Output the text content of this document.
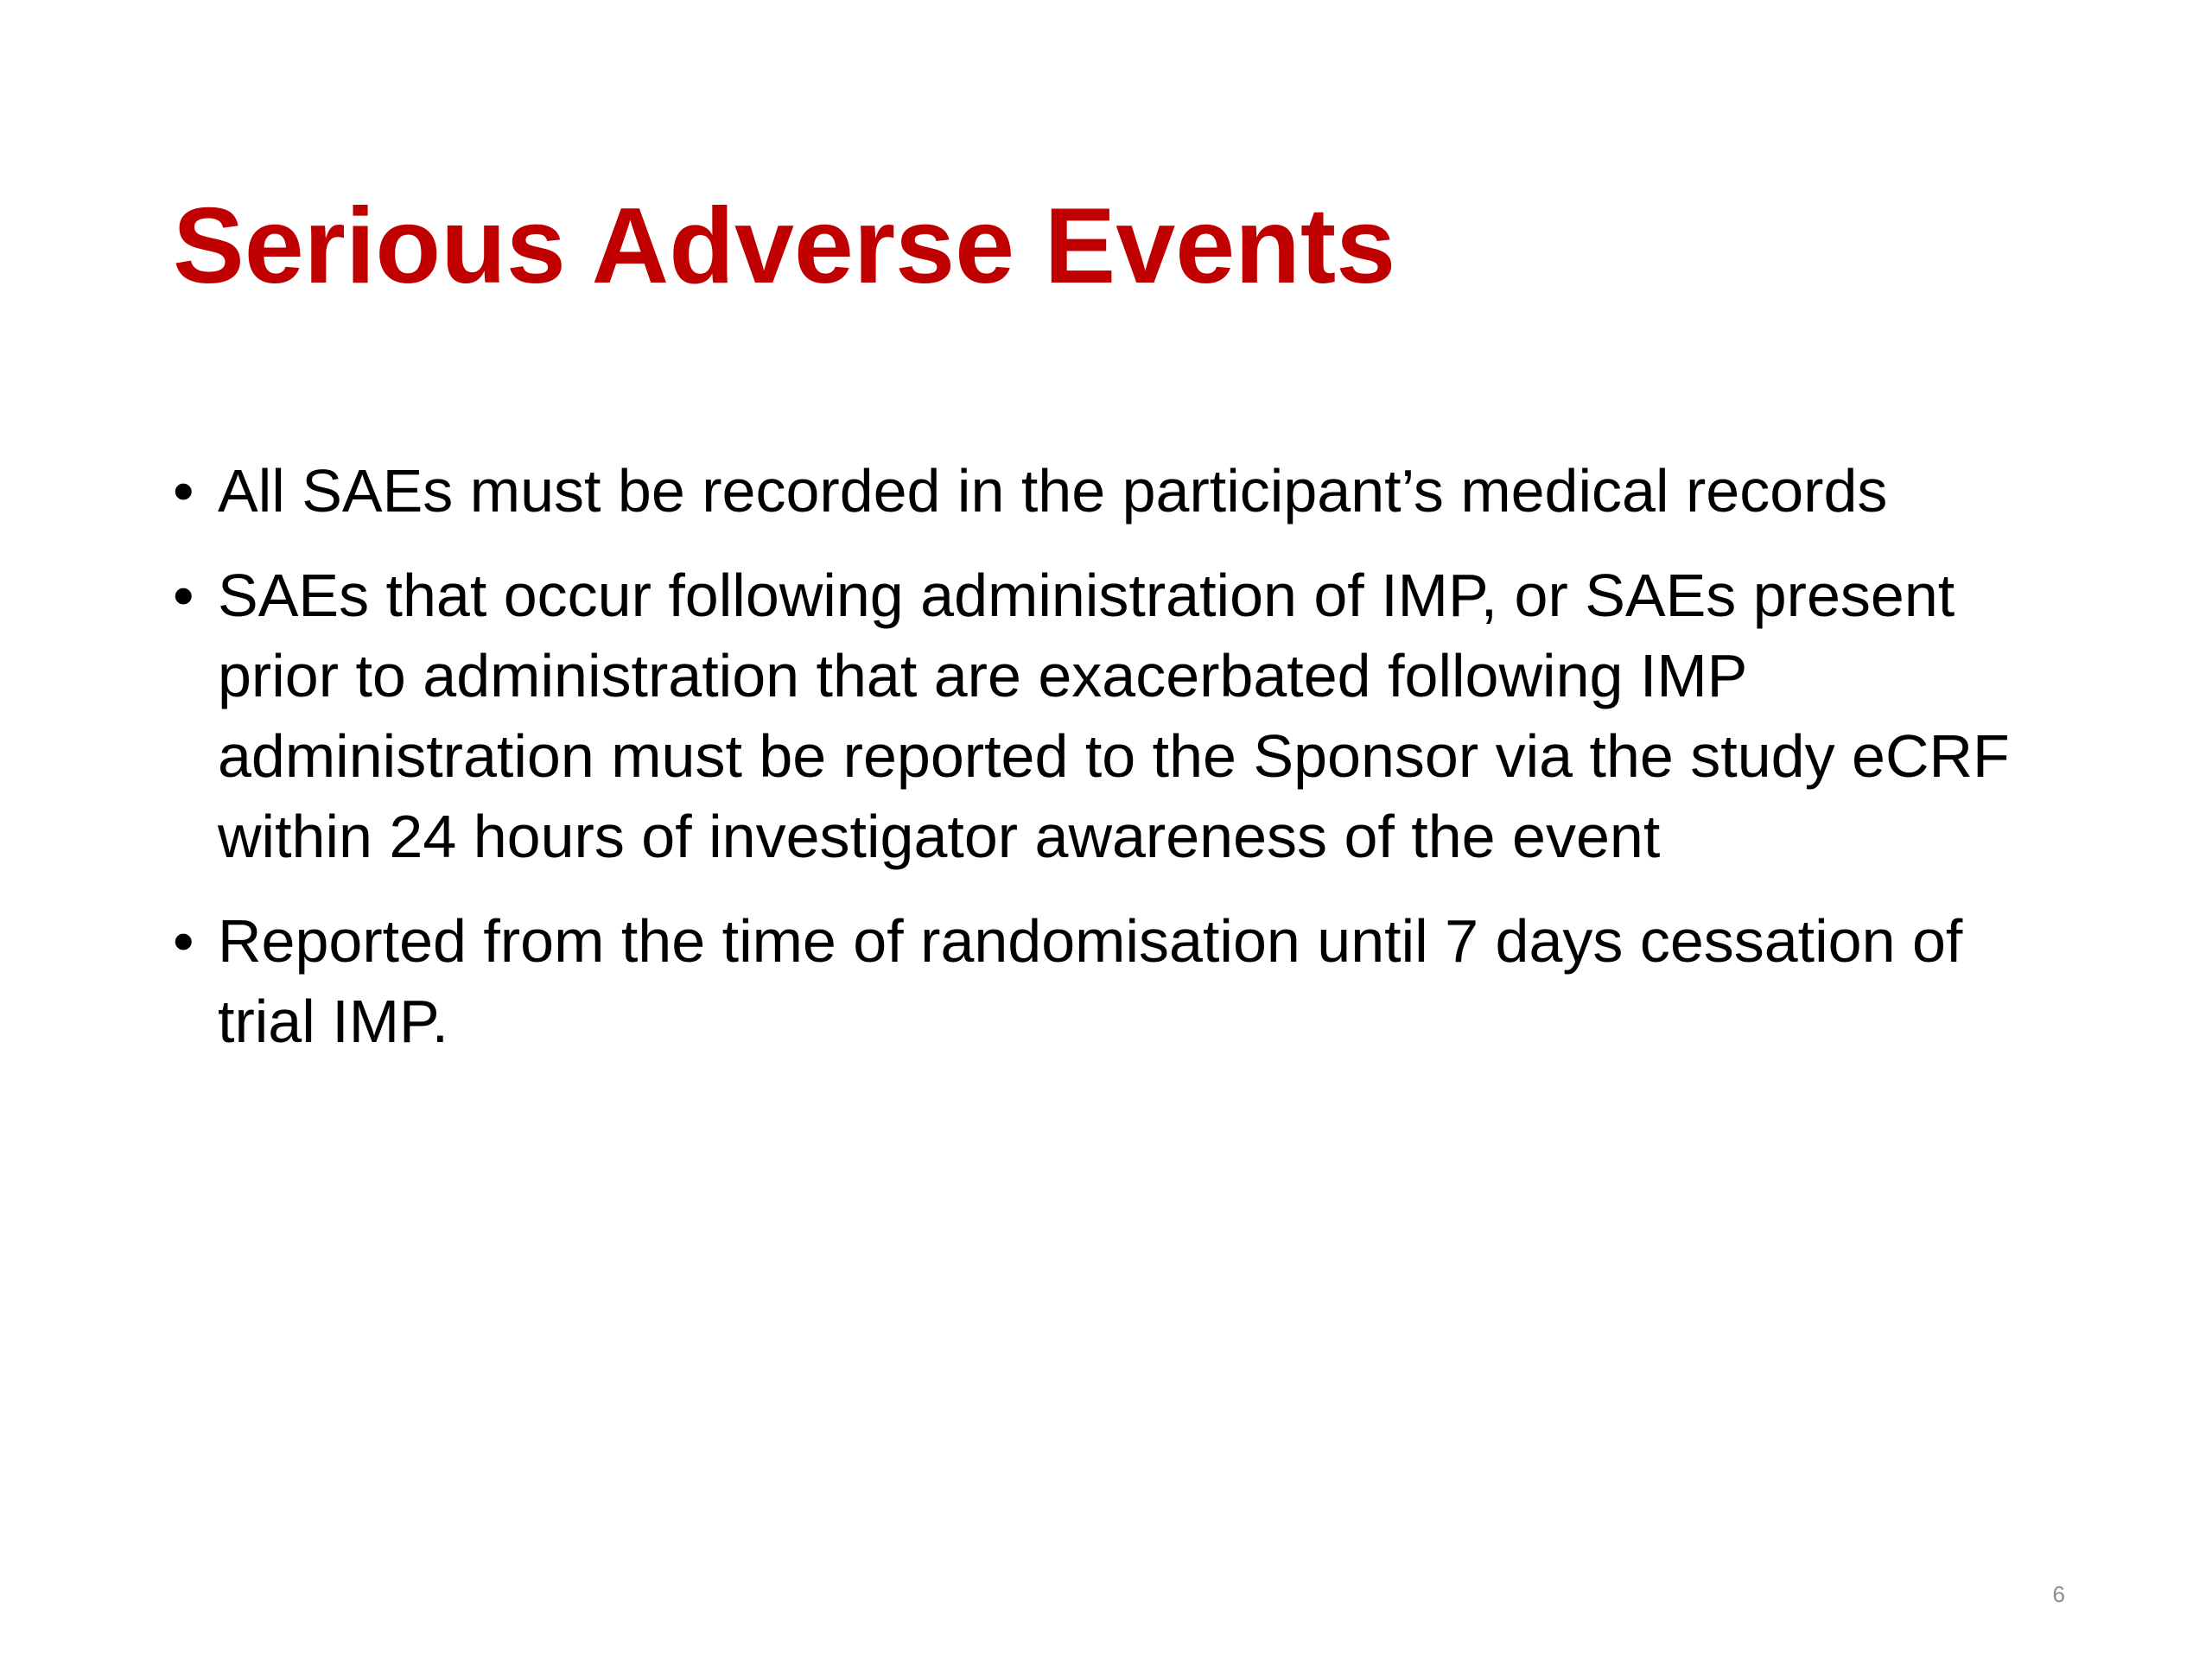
Serious Adverse Events
• All SAEs must be recorded in the participant’s medical records
• SAEs that occur following administration of IMP, or SAEs present prior to administration that are exacerbated following IMP administration must be reported to the Sponsor via the study eCRF within 24 hours of investigator awareness of the event
• Reported from the time of randomisation until 7 days cessation of trial IMP.
6
